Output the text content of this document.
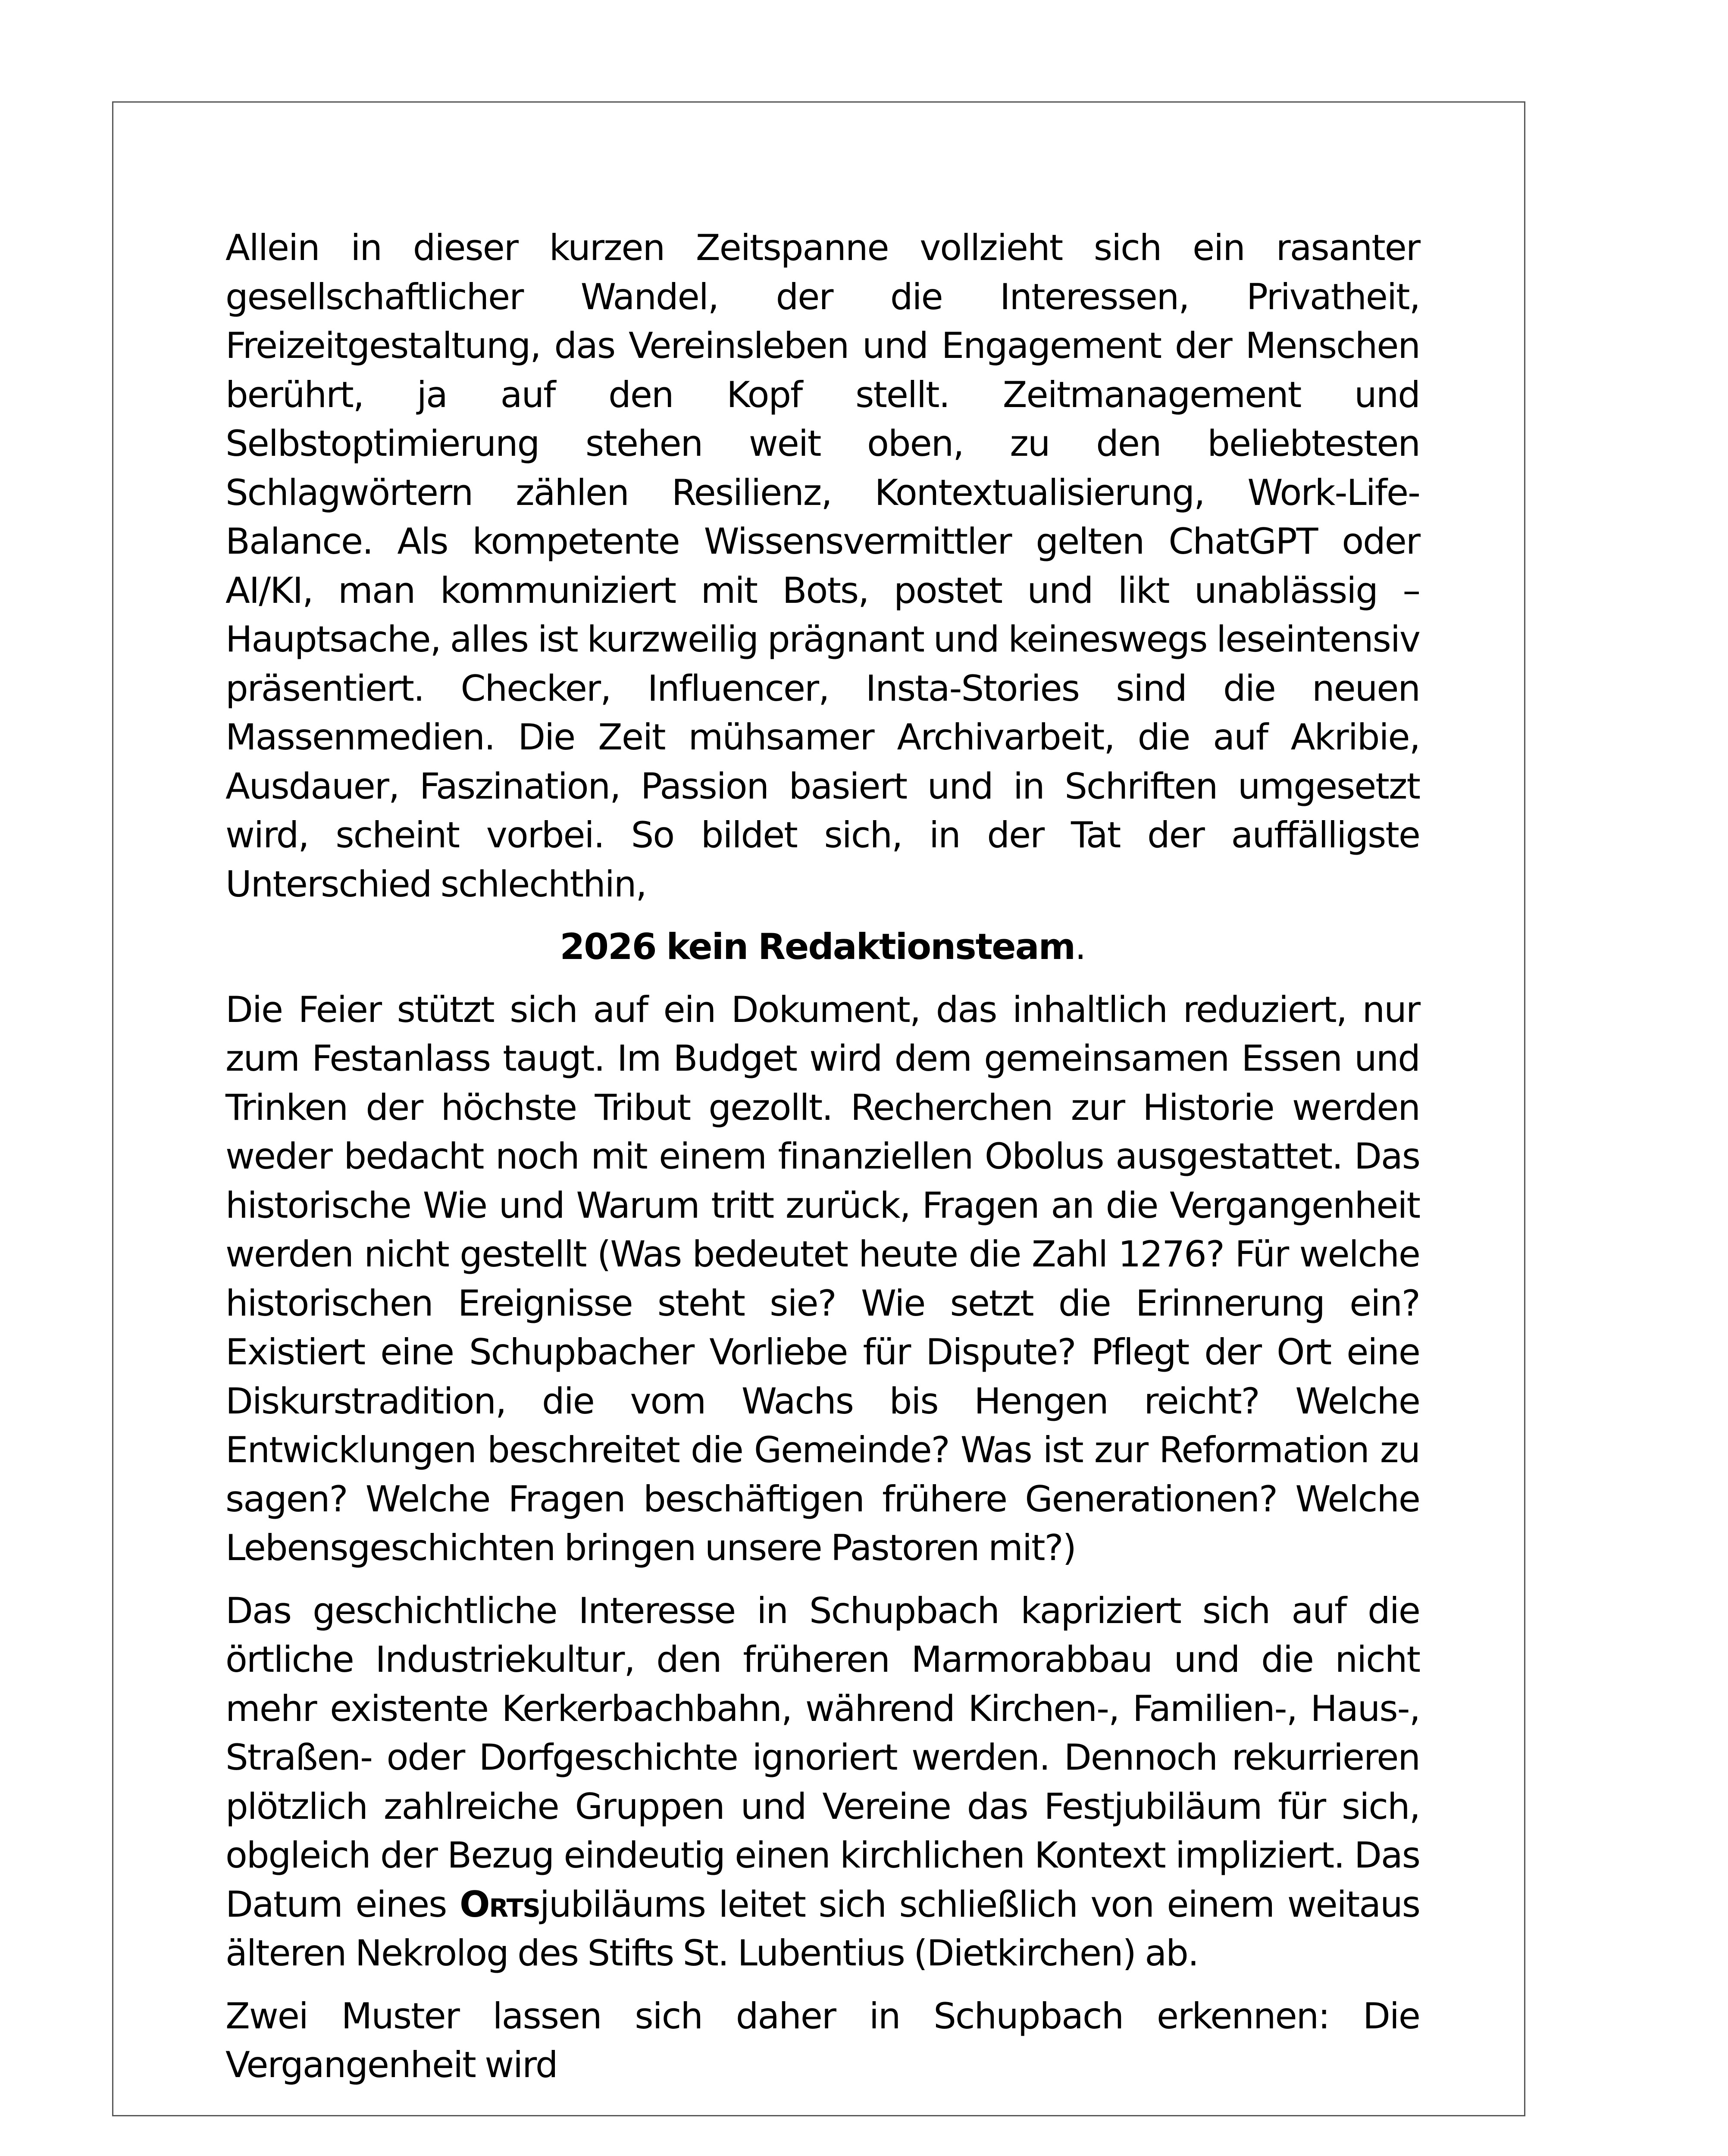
Allein in dieser kurzen Zeitspanne vollzieht sich ein rasanter gesellschaftlicher Wandel, der die Interessen, Privatheit, Freizeitgestaltung, das Vereinsleben und Engagement der Menschen berührt, ja auf den Kopf stellt. Zeitmanagement und Selbstoptimierung stehen weit oben, zu den beliebtesten Schlagwörtern zählen Resilienz, Kontextualisierung, Work-Life-Balance. Als kompetente Wissensvermittler gelten ChatGPT oder AI/KI, man kommuniziert mit Bots, postet und likt unablässig – Hauptsache, alles ist kurzweilig prägnant und keineswegs leseintensiv präsentiert. Checker, Influencer, Insta-Stories sind die neuen Massenmedien. Die Zeit mühsamer Archivarbeit, die auf Akribie, Ausdauer, Faszination, Passion basiert und in Schriften umgesetzt wird, scheint vorbei. So bildet sich, in der Tat der auffälligste Unterschied schlechthin,

2026 kein Redaktionsteam.

Die Feier stützt sich auf ein Dokument, das inhaltlich reduziert, nur zum Festanlass taugt. Im Budget wird dem gemeinsamen Essen und Trinken der höchste Tribut gezollt. Recherchen zur Historie werden weder bedacht noch mit einem finanziellen Obolus ausgestattet. Das historische Wie und Warum tritt zurück, Fragen an die Vergangenheit werden nicht gestellt (Was bedeutet heute die Zahl 1276? Für welche historischen Ereignisse steht sie? Wie setzt die Erinnerung ein? Existiert eine Schupbacher Vorliebe für Dispute? Pflegt der Ort eine Diskurstradition, die vom Wachs bis Hengen reicht? Welche Entwicklungen beschreitet die Gemeinde? Was ist zur Reformation zu sagen? Welche Fragen beschäftigen frühere Generationen? Welche Lebensgeschichten bringen unsere Pastoren mit?)

Das geschichtliche Interesse in Schupbach kapriziert sich auf die örtliche Industriekultur, den früheren Marmorabbau und die nicht mehr existente Kerkerbachbahn, während Kirchen-, Familien-, Haus-, Straßen- oder Dorfgeschichte ignoriert werden. Dennoch rekurrieren plötzlich zahlreiche Gruppen und Vereine das Festjubiläum für sich, obgleich der Bezug eindeutig einen kirchlichen Kontext impliziert. Das Datum eines Ortsjubiläums leitet sich schließlich von einem weitaus älteren Nekrolog des Stifts St. Lubentius (Dietkirchen) ab.

Zwei Muster lassen sich daher in Schupbach erkennen: Die Vergangenheit wird
